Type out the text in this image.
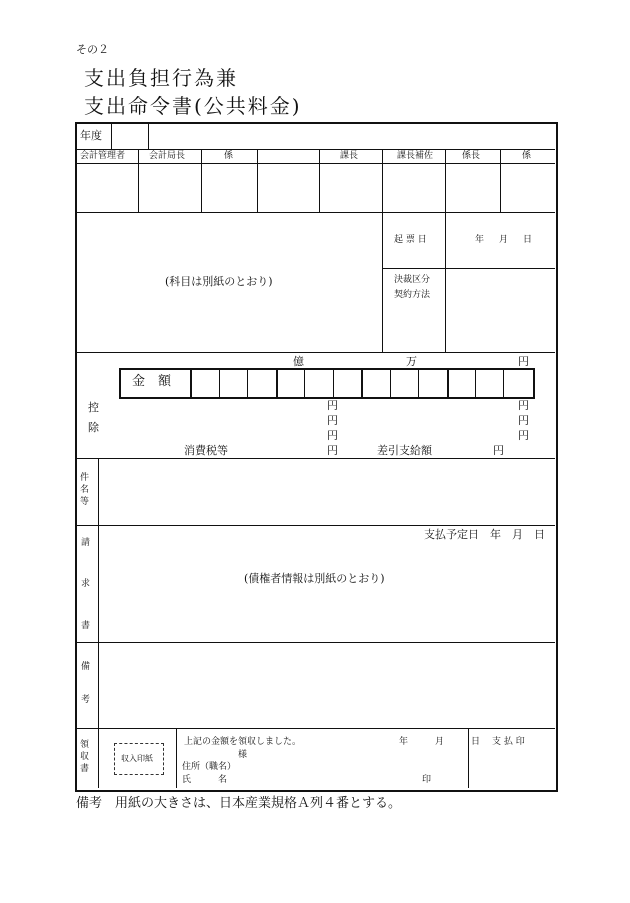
その２
支出負担行為兼
支出命令書(公共料金)
年度
会計管理者	会計局長	係	課長	課長補佐	係長	係
(科目は別紙のとおり)
起 票 日	年　月　日
決裁区分
契約方法
億	万	円
金　額
控
除
円
円
円
円
円
円
消費税等	円	差引支給額	円
件
名
等
請
求
書
支払予定日　年　月　日
(債権者情報は別紙のとおり)
備
考
領
収
書
収入印紙
上記の金額を領収しました。	年　　月　　日
様
住所（職名）
氏　　　名	印
支 払 印
備考　用紙の大きさは、日本産業規格Ａ列４番とする。
